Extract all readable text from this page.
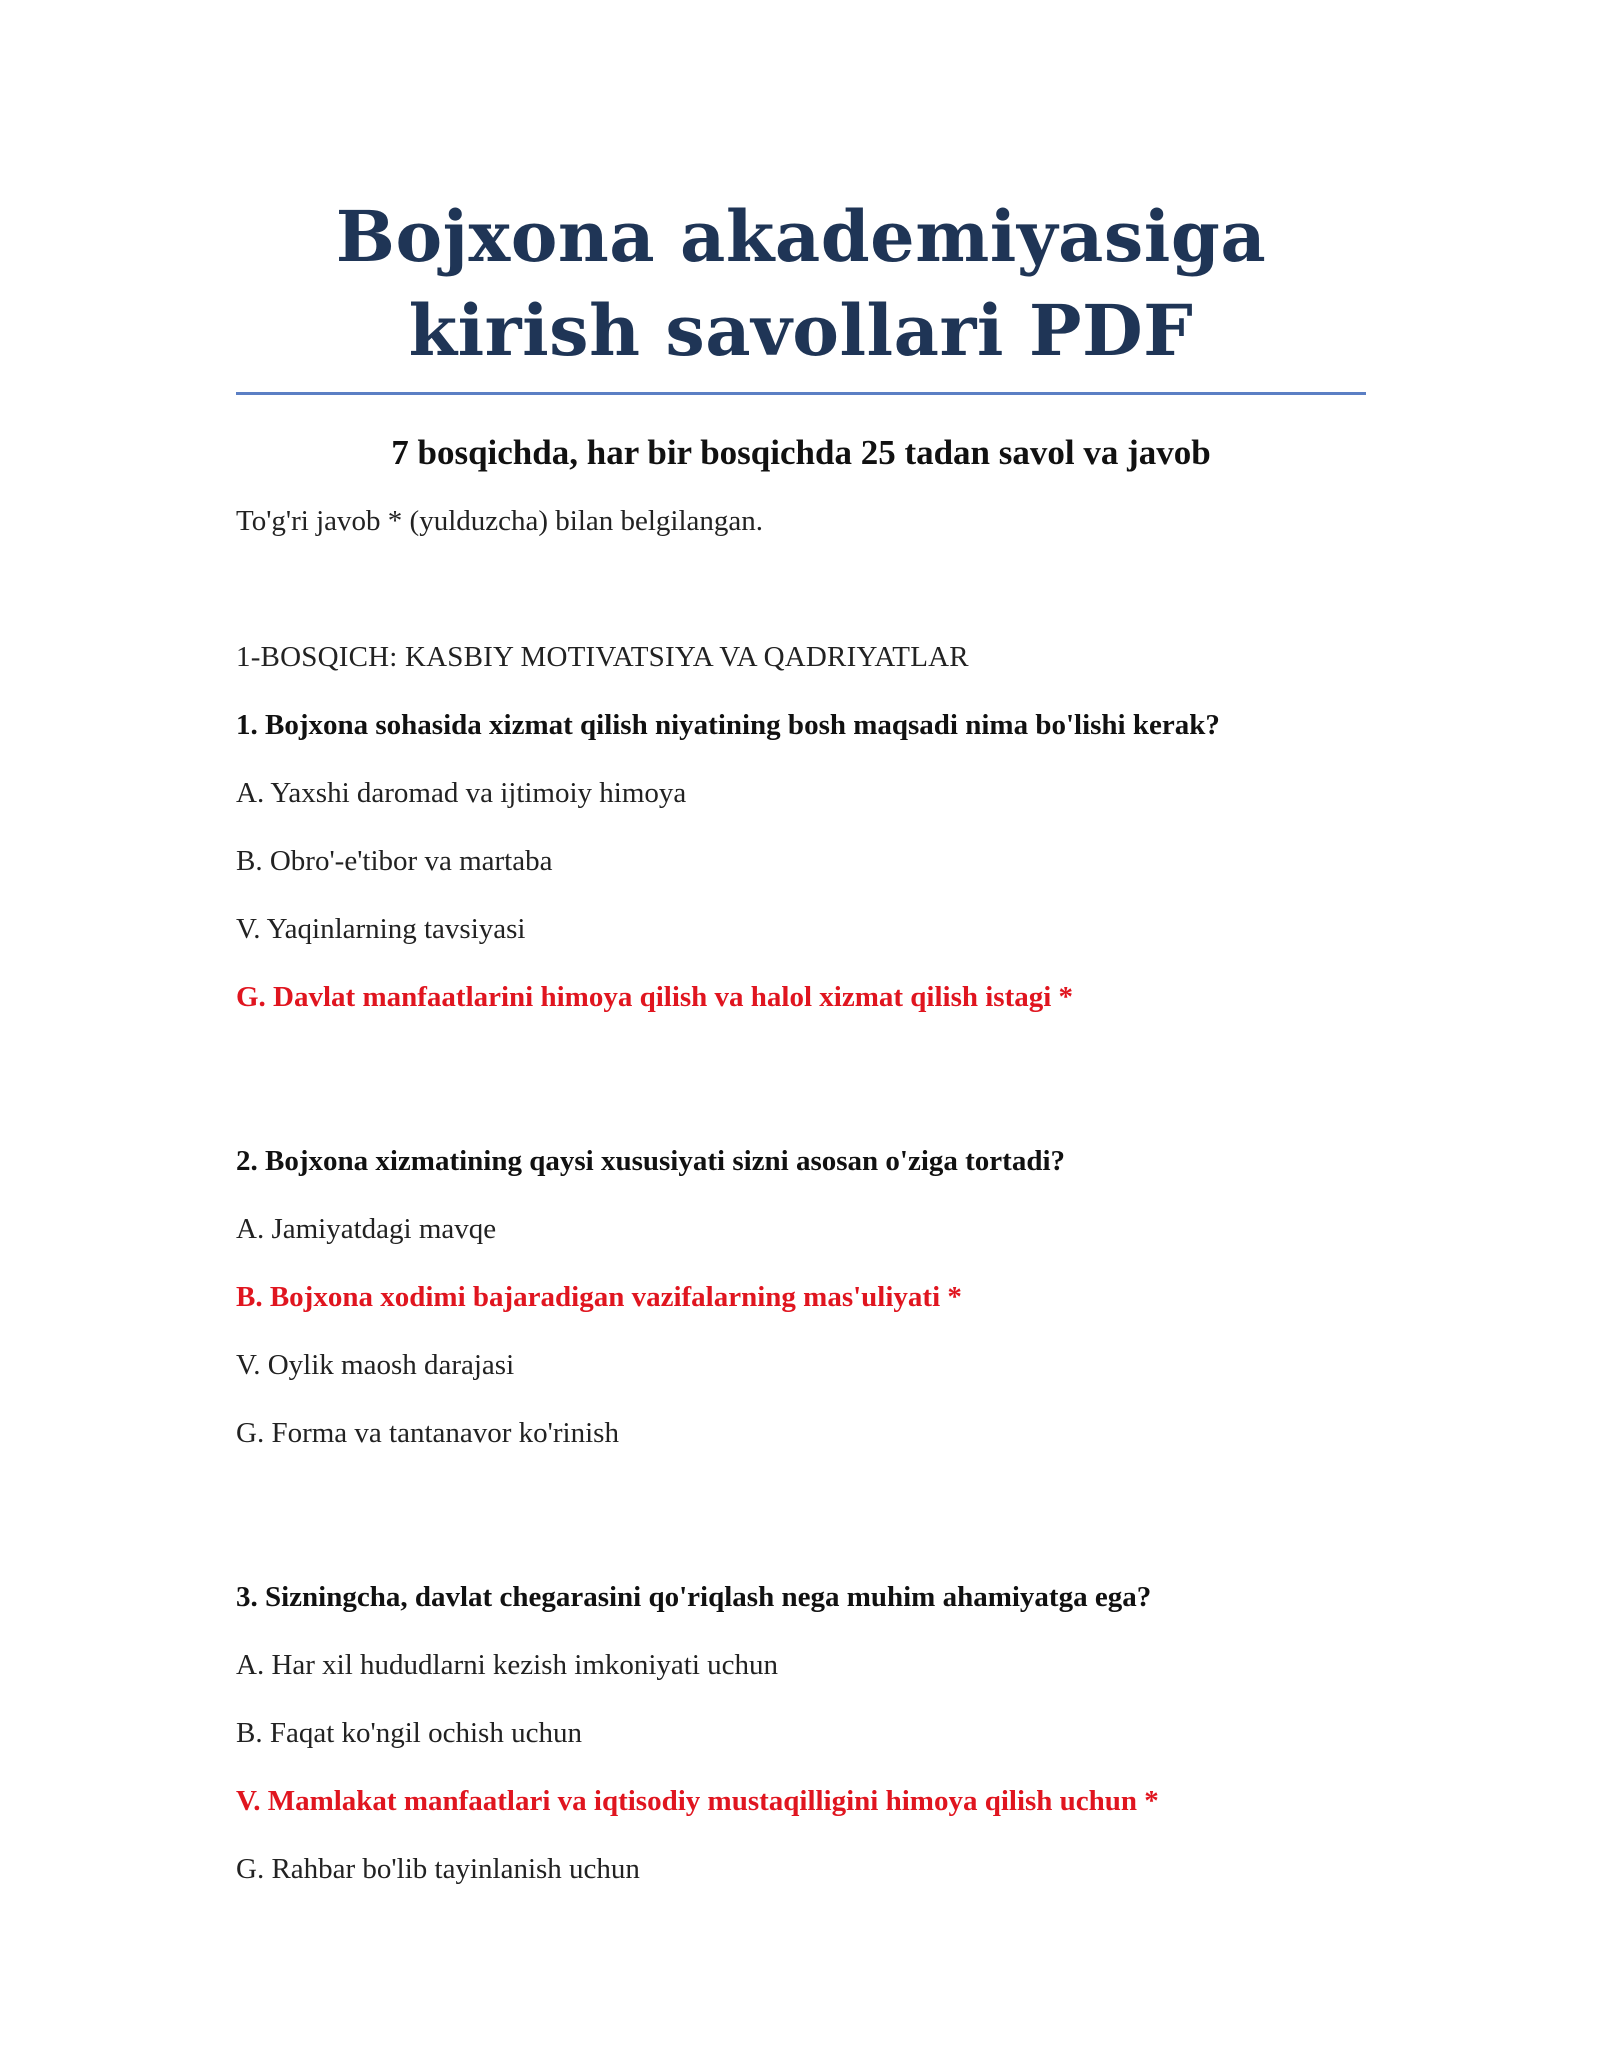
Bojxona akademiyasiga kirish savollari PDF
7 bosqichda, har bir bosqichda 25 tadan savol va javob
To'g'ri javob * (yulduzcha) bilan belgilangan.
1-BOSQICH: KASBIY MOTIVATSIYA VA QADRIYATLAR
1. Bojxona sohasida xizmat qilish niyatining bosh maqsadi nima bo'lishi kerak?
A. Yaxshi daromad va ijtimoiy himoya
B. Obro'-e'tibor va martaba
V. Yaqinlarning tavsiyasi
G. Davlat manfaatlarini himoya qilish va halol xizmat qilish istagi *
2. Bojxona xizmatining qaysi xususiyati sizni asosan o'ziga tortadi?
A. Jamiyatdagi mavqe
B. Bojxona xodimi bajaradigan vazifalarning mas'uliyati *
V. Oylik maosh darajasi
G. Forma va tantanavor ko'rinish
3. Sizningcha, davlat chegarasini qo'riqlash nega muhim ahamiyatga ega?
A. Har xil hududlarni kezish imkoniyati uchun
B. Faqat ko'ngil ochish uchun
V. Mamlakat manfaatlari va iqtisodiy mustaqilligini himoya qilish uchun *
G. Rahbar bo'lib tayinlanish uchun
